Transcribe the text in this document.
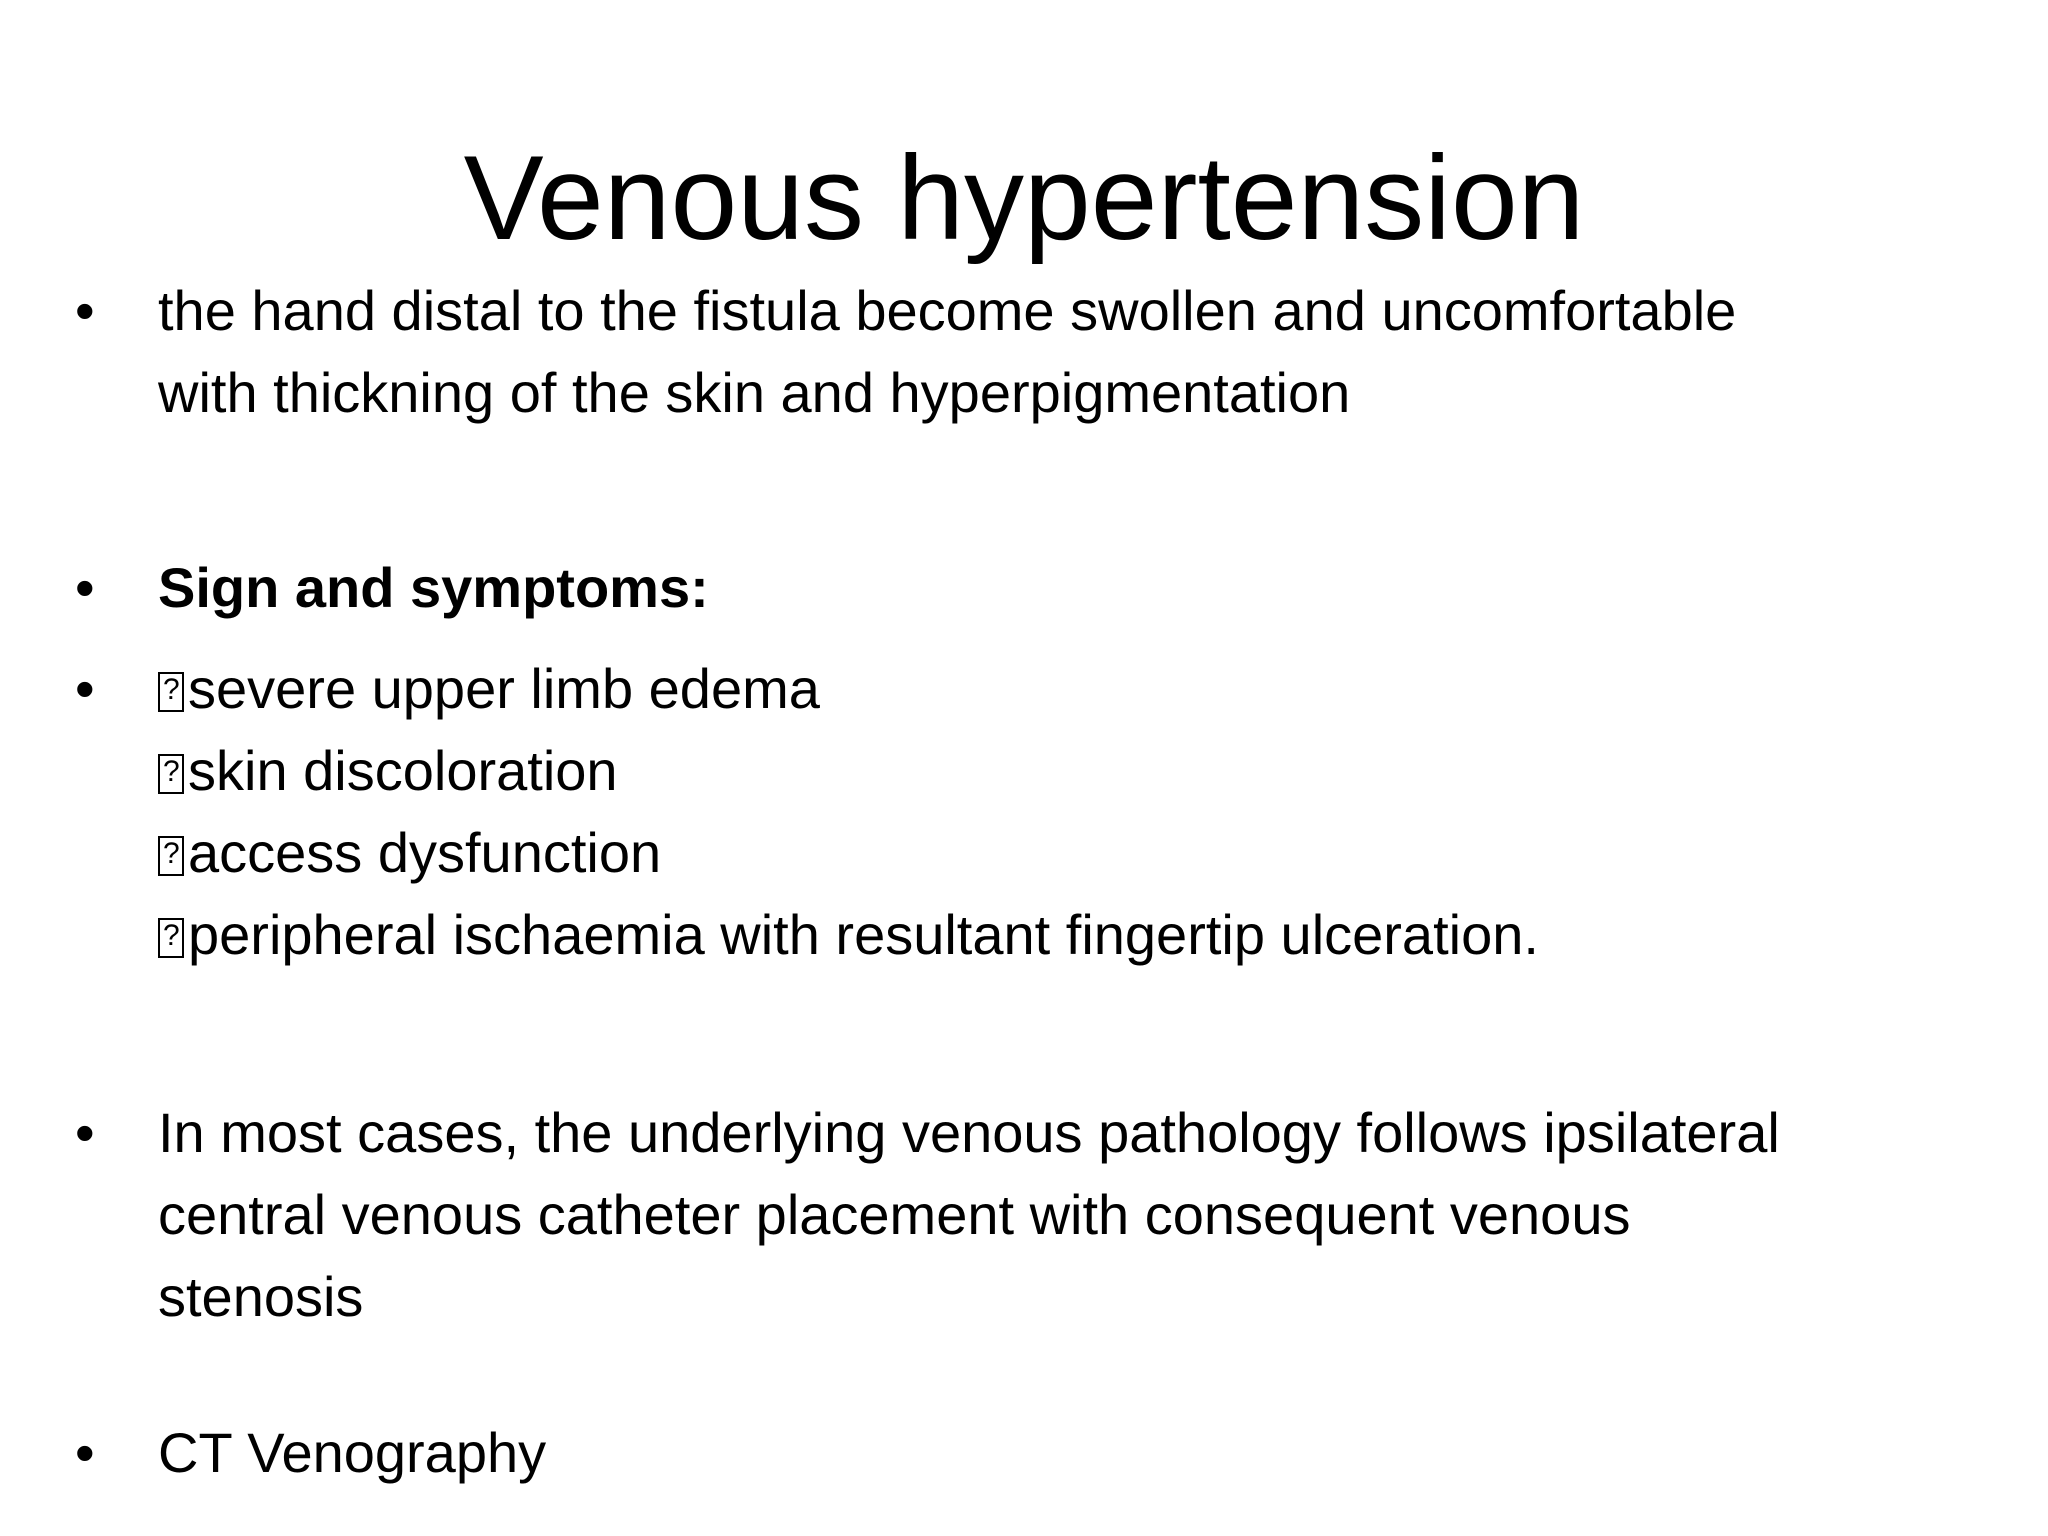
Venous hypertension
•	the hand distal to the fistula become swollen and uncomfortable
with thickning of the skin and hyperpigmentation
•	Sign and symptoms:
•
?	severe upper limb edema
?skin discoloration
?access dysfunction
?peripheral ischaemia with resultant fingertip ulceration.
•	In most cases, the underlying venous pathology follows ipsilateral
central venous catheter placement with consequent venous
stenosis
•	CT Venography
